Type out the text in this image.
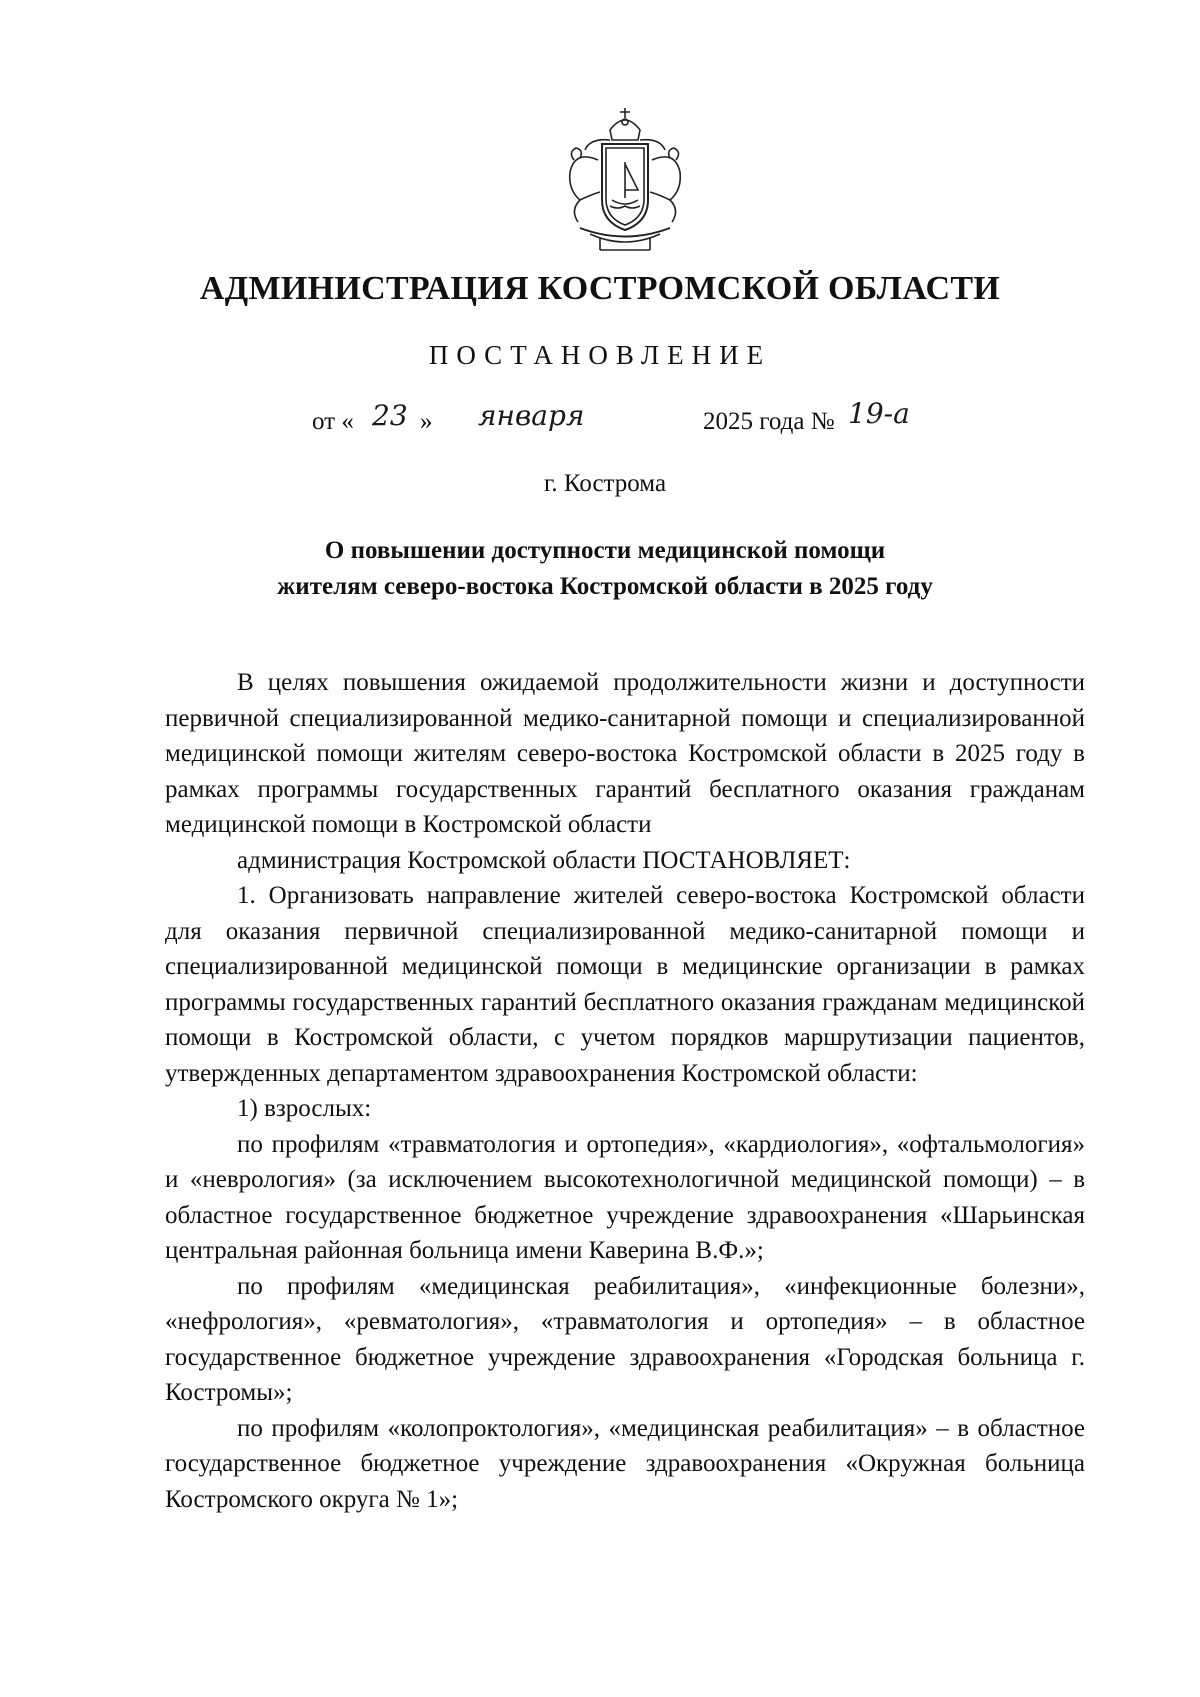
АДМИНИСТРАЦИЯ КОСТРОМСКОЙ ОБЛАСТИ
ПОСТАНОВЛЕНИЕ
от « 23 » января	2025 года № 19-а
г. Кострома
О повышении доступности медицинской помощи
жителям северо-востока Костромской области в 2025 году

В целях повышения ожидаемой продолжительности жизни и доступности первичной специализированной медико-санитарной помощи и специализированной медицинской помощи жителям северо-востока Костромской области в 2025 году в рамках программы государственных гарантий бесплатного оказания гражданам медицинской помощи в Костромской области

администрация Костромской области ПОСТАНОВЛЯЕТ:

1. Организовать направление жителей северо-востока Костромской области для оказания первичной специализированной медико-санитарной помощи и специализированной медицинской помощи в медицинские организации в рамках программы государственных гарантий бесплатного оказания гражданам медицинской помощи в Костромской области, с учетом порядков маршрутизации пациентов, утвержденных департаментом здравоохранения Костромской области:

1) взрослых:

по профилям «травматология и ортопедия», «кардиология», «офтальмология» и «неврология» (за исключением высокотехнологичной медицинской помощи) – в областное государственное бюджетное учреждение здравоохранения «Шарьинская центральная районная больница имени Каверина В.Ф.»;

по профилям «медицинская реабилитация», «инфекционные болезни», «нефрология», «ревматология», «травматология и ортопедия» – в областное государственное бюджетное учреждение здравоохранения «Городская больница г. Костромы»;

по профилям «колопроктология», «медицинская реабилитация» – в областное государственное бюджетное учреждение здравоохранения «Окружная больница Костромского округа № 1»;
